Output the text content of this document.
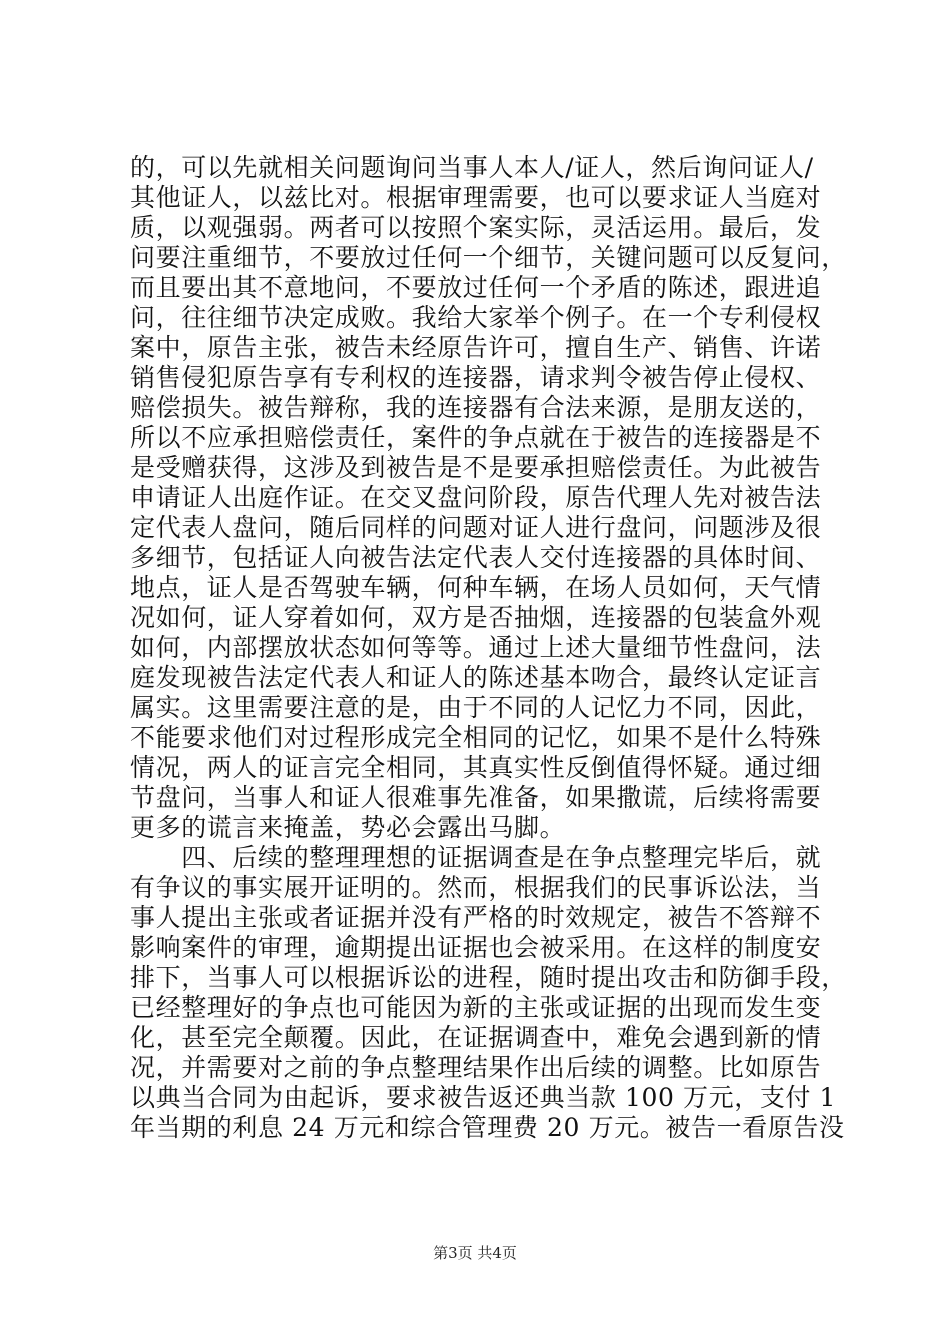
的，可以先就相关问题询问当事人本人/证人，然后询问证人/
其他证人，以兹比对。根据审理需要，也可以要求证人当庭对
质，以观强弱。两者可以按照个案实际，灵活运用。最后，发
问要注重细节，不要放过任何一个细节，关键问题可以反复问，
而且要出其不意地问，不要放过任何一个矛盾的陈述，跟进追
问，往往细节决定成败。我给大家举个例子。在一个专利侵权
案中，原告主张，被告未经原告许可，擅自生产、销售、许诺
销售侵犯原告享有专利权的连接器，请求判令被告停止侵权、
赔偿损失。被告辩称，我的连接器有合法来源，是朋友送的，
所以不应承担赔偿责任，案件的争点就在于被告的连接器是不
是受赠获得，这涉及到被告是不是要承担赔偿责任。为此被告
申请证人出庭作证。在交叉盘问阶段，原告代理人先对被告法
定代表人盘问，随后同样的问题对证人进行盘问，问题涉及很
多细节，包括证人向被告法定代表人交付连接器的具体时间、
地点，证人是否驾驶车辆，何种车辆，在场人员如何，天气情
况如何，证人穿着如何，双方是否抽烟，连接器的包装盒外观
如何，内部摆放状态如何等等。通过上述大量细节性盘问，法
庭发现被告法定代表人和证人的陈述基本吻合，最终认定证言
属实。这里需要注意的是，由于不同的人记忆力不同，因此，
不能要求他们对过程形成完全相同的记忆，如果不是什么特殊
情况，两人的证言完全相同，其真实性反倒值得怀疑。通过细
节盘问，当事人和证人很难事先准备，如果撒谎，后续将需要
更多的谎言来掩盖，势必会露出马脚。
　　四、后续的整理理想的证据调查是在争点整理完毕后，就
有争议的事实展开证明的。然而，根据我们的民事诉讼法，当
事人提出主张或者证据并没有严格的时效规定，被告不答辩不
影响案件的审理，逾期提出证据也会被采用。在这样的制度安
排下，当事人可以根据诉讼的进程，随时提出攻击和防御手段，
已经整理好的争点也可能因为新的主张或证据的出现而发生变
化，甚至完全颠覆。因此，在证据调查中，难免会遇到新的情
况，并需要对之前的争点整理结果作出后续的调整。比如原告
以典当合同为由起诉，要求被告返还典当款 100 万元，支付 1
年当期的利息 24 万元和综合管理费 20 万元。被告一看原告没
第3页 共4页
